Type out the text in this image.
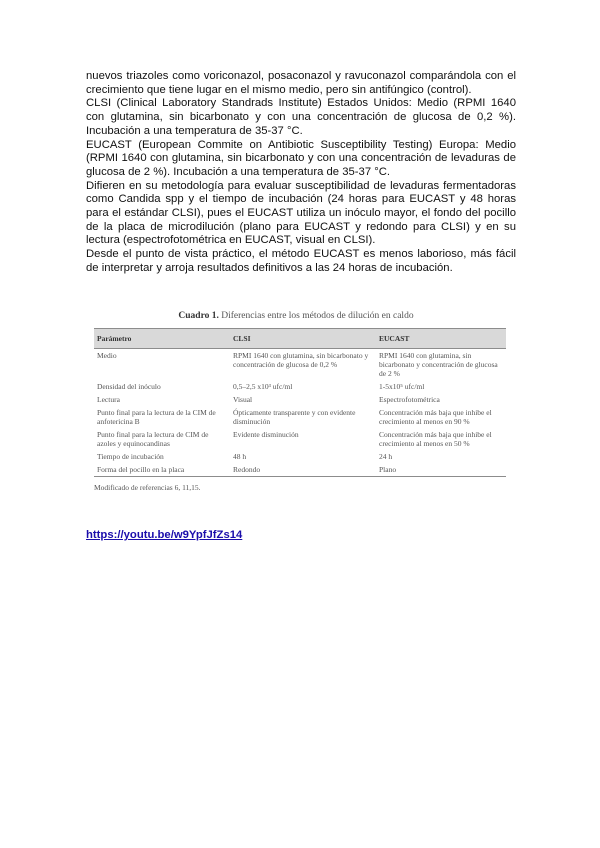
nuevos triazoles como voriconazol, posaconazol y ravuconazol comparándola con el crecimiento que tiene lugar en el mismo medio, pero sin antifúngico (control).

CLSI (Clinical Laboratory Standrads Institute) Estados Unidos: Medio (RPMI 1640 con glutamina, sin bicarbonato y con una concentración de glucosa de 0,2 %). Incubación a una temperatura de 35-37 °C.

EUCAST (European Commite on Antibiotic Susceptibility Testing) Europa: Medio (RPMI 1640 con glutamina, sin bicarbonato y con una concentración de levaduras de glucosa de 2 %). Incubación a una temperatura de 35-37 °C.

Difieren en su metodología para evaluar susceptibilidad de levaduras fermentadoras como Candida spp y el tiempo de incubación (24 horas para EUCAST y 48 horas para el estándar CLSI), pues el EUCAST utiliza un inóculo mayor, el fondo del pocillo de la placa de microdilución (plano para EUCAST y redondo para CLSI) y en su lectura (espectrofotométrica en EUCAST, visual en CLSI).

Desde el punto de vista práctico, el método EUCAST es menos laborioso, más fácil de interpretar y arroja resultados definitivos a las 24 horas de incubación.

Cuadro 1. Diferencias entre los métodos de dilución en caldo
Parámetro	CLSI	EUCAST
Medio	RPMI 1640 con glutamina, sin bicarbonato y concentración de glucosa de 0,2 %	RPMI 1640 con glutamina, sin bicarbonato y concentración de glucosa de 2 %
Densidad del inóculo	0,5–2,5 x10³ ufc/ml	1-5x10⁵ ufc/ml
Lectura	Visual	Espectrofotométrica
Punto final para la lectura de la CIM de anfotericina B	Ópticamente transparente y con evidente disminución	Concentración más baja que inhibe el crecimiento al menos en 90 %
Punto final para la lectura de CIM de azoles y equinocandinas	Evidente disminución	Concentración más baja que inhibe el crecimiento al menos en 50 %
Tiempo de incubación	48 h	24 h
Forma del pocillo en la placa	Redondo	Plano
Modificado de referencias 6, 11,15.
https://youtu.be/w9YpfJfZs14
